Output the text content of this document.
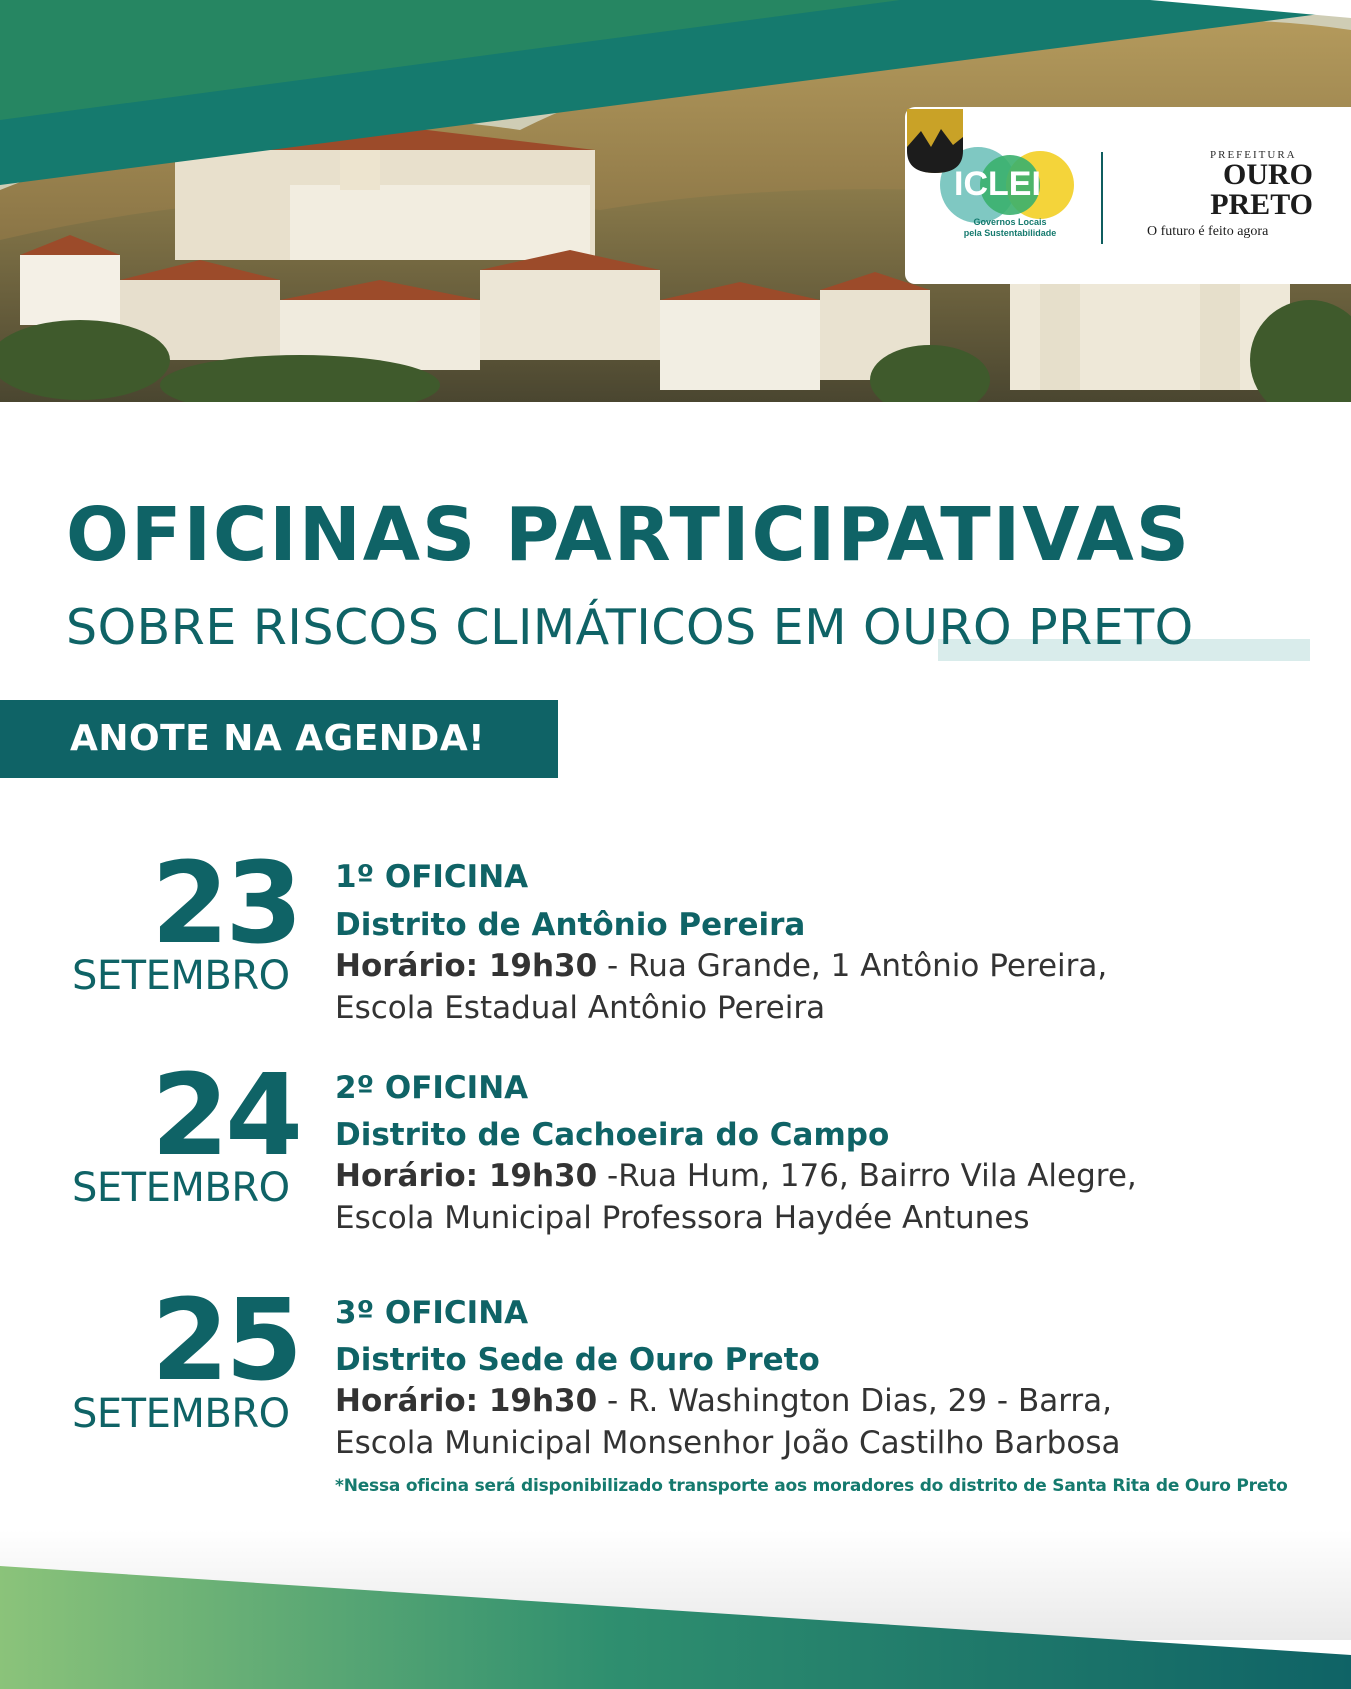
ICLEI
Governos Locais
pela Sustentabilidade
PREFEITURA
OURO
PRETO
O futuro é feito agora
OFICINAS PARTICIPATIVAS
SOBRE RISCOS CLIMÁTICOS EM OURO PRETO
ANOTE NA AGENDA!
23
SETEMBRO
1º OFICINA
Distrito de Antônio Pereira
Horário: 19h30 - Rua Grande, 1 Antônio Pereira,
Escola Estadual Antônio Pereira
24
SETEMBRO
2º OFICINA
Distrito de Cachoeira do Campo
Horário: 19h30 -Rua Hum, 176, Bairro Vila Alegre,
Escola Municipal Professora Haydée Antunes
25
SETEMBRO
3º OFICINA
Distrito Sede de Ouro Preto
Horário: 19h30 - R. Washington Dias, 29 - Barra,
Escola Municipal Monsenhor João Castilho Barbosa
*Nessa oficina será disponibilizado transporte aos moradores do distrito de Santa Rita de Ouro Preto
